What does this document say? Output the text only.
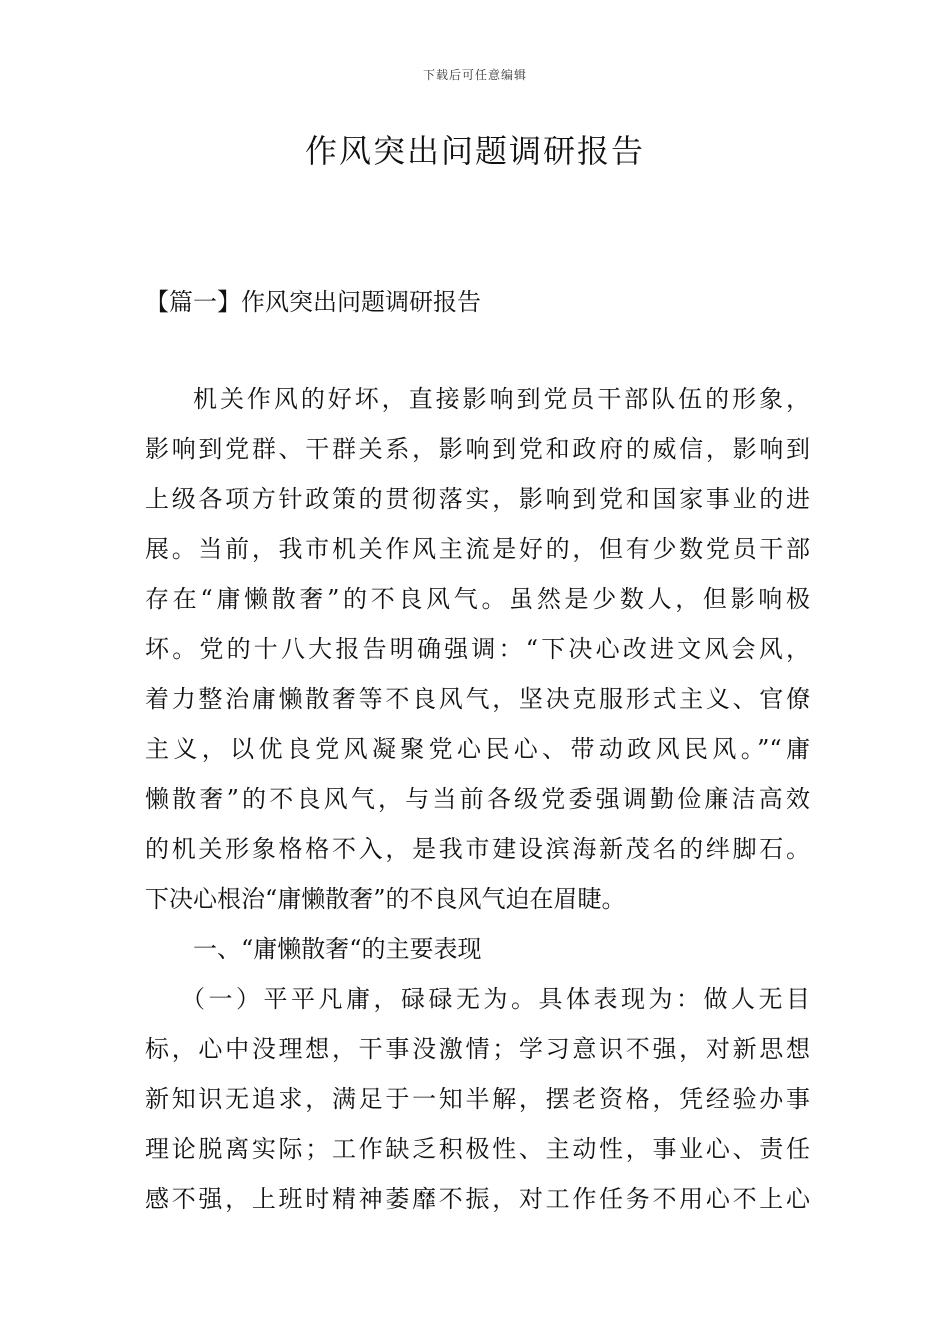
下载后可任意编辑
作风突出问题调研报告
【篇一】作风突出问题调研报告
机关作风的好坏，直接影响到党员干部队伍的形象，
影响到党群、干群关系，影响到党和政府的威信，影响到
上级各项方针政策的贯彻落实，影响到党和国家事业的进
展。当前，我市机关作风主流是好的，但有少数党员干部
存在“庸懒散奢”的不良风气。虽然是少数人，但影响极
坏。党的十八大报告明确强调：“下决心改进文风会风，
着力整治庸懒散奢等不良风气，坚决克服形式主义、官僚
主义，以优良党风凝聚党心民心、带动政风民风。”“庸
懒散奢”的不良风气，与当前各级党委强调勤俭廉洁高效
的机关形象格格不入，是我市建设滨海新茂名的绊脚石。
下决心根治“庸懒散奢”的不良风气迫在眉睫。
一、“庸懒散奢“的主要表现
（一）平平凡庸，碌碌无为。具体表现为：做人无目
标，心中没理想，干事没激情；学习意识不强，对新思想
新知识无追求，满足于一知半解，摆老资格，凭经验办事
理论脱离实际；工作缺乏积极性、主动性，事业心、责任
感不强，上班时精神萎靡不振，对工作任务不用心不上心
